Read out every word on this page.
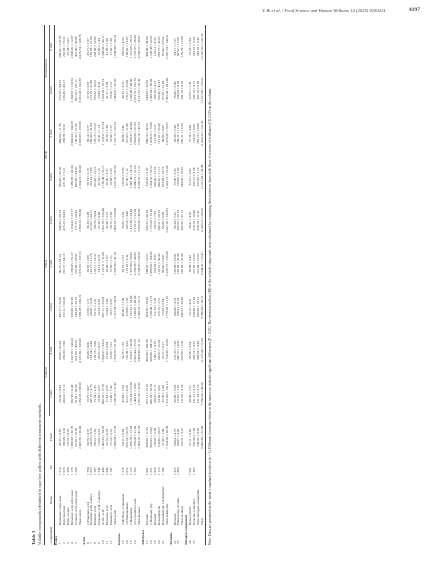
Y. Bi et al. / Food Science and Human Wellness 14 (2025) 9250414	4197
Table 3 Volatile compounds identified in rape bee pollen with different treatment methods.
				Control		UD-A			UD-B		Fermentation	
Compounds	Name	RI	Fresh	2 min	4 min	6 min	2 min	4 min	6 min	2 min	4 min	6 min
Esters												
1	Butanoate, ethyl ester	1 513	45.53 ± 0.65	20.03 ± 0.44	28.09 ± 47.04	402.77 ± 23.07	40.25 ± 85.74	544.03 ± 30.74	503.42 ± 82.07	394.64 ± 11.36	253.76 ± 94.35	268.63 ± 102.93
2	Butyrolactone	1 625	183.88 ± 3.32	280.02 ± 6.13	258.00 ± 7.94	372.11 ± 64.20	291.37 ± 64.15	415.23 ± 84.63	471.36 ± 7.21	298.99 ± 8.53	239.46 ± 46.27	292.99 ± 73.31
3	Ethyl acetate	1 580	70.10 ± 0.25									37.48 ± 2.03
4	Hexanoic acid, ethyl ester	1 179	1 096.98 ± 62.78	362.99 ± 0.49	3 102.79 ± 140.20	626.89 ± 95.95	1 266.05 ± 91.27	1 254.41 ± 23.77	1 385.66 ± 43.34	2 000.24 ± 104.28	2 204.67 ± 110.61	2 845.81 ± 12.07
5	Octanoic acid, ethyl ester	1 284	95.29 ± 23.76	79.59 ± 20.99	622.64 ± 46.20	144.29 ± 20.75	275.69 ± 20.07	177.75 ± 28.49	463.99 ± 44.07	136.33 ± 21.09	301.67 ± 107.11	422.40 ± 36.66
	Total esters		2 465.59 ± 96.00	1 363.05 ± 98.09	4 165.80 ± 503.05	1 568.28 ± 100.19	1 872.03 ± 137.23	2 398.16 ± 88.09	2 824.18 ± 60.00	3 266.09 ± 155.99	3 201.03 ± 103.87	4 025.74 ± 166.76
Acids												
6	2-Propenoic acid	1 780	30.70 ± 0.37	18.79 ± 0.67	26.08 ± 0.06	22.90 ± 1.72	26.85 ± 2.89	36.30 ± 2.68	59.74 ± 2.18	36.14 ± 0.77	37.33 ± 3.67	45.15 ± 1.87
7	Hexanoic acid, 2-ethyl-	1 823	129.65 ± 8.16	147.19 ± 3.76	165.24 ± 2.84	145.81 ± 8.30	141.72 ± 11.78	217.62 ± 24.11	163.24 ± 7.66	182.00 ± 31.84	173.76 ± 21.96	190.98 ± 21.94
8	Butanoic acid	1 587	80.53 ± 5.01	75.54 ± 2.35	105.73 ± 5.00	93.15 ± 2.81	133.11 ± 13.37	133.35 ± 0.04	165.45 ± 15.21	128.15 ± 13.29	135.02 ± 10.22	203.89 ± 16.02
9	Propanoic acid, 2-methyl-	1 546	15.60 ± 0.16	18.90 ± 0.27	20.65 ± 0.72	20.34 ± 0.81	24.19 ± 0.74	27.39 ± 0.88	35.53 ± 1.16	25.41 ± 1.13	23.80 ± 4.22	32.80 ± 1.44
10	Acetic acid	1 449	1 003.32 ± 34.65	906.28 ± 27.87	1 000.57 ± 84.22	997.11 ± 25.94	1 152.31 ± 51.08	1 202.79 ± 126.40	1 185.49 ± 55.17	1 128.57 ± 57.54	1 160.69 ± 37.19	1 308.06 ± 49.17
11	Hexanoic acid	1 846	25.10 ± 0.76	17.65 ± 0.58	27.03 ± 0.84	22.00 ± 2.05	26.40 ± 1.97	31.06 ± 2.27	29.96 ± 3.27	32.59 ± 1.80	31.21 ± 3.69	41.98 ± 1.68
12	Pentanoic acid	1 747	15.14 ± 2.21	12.46 ± 1.42	13.99 ± 1.01	16.27 ± 0.97	15.90 ± 1.21	20.72 ± 2.85	18.94 ± 2.95	18.89 ± 2.57	23.26 ± 2.12	21.02 ± 1.38
	Total acids		1 300.04 ± 17.29	1 196.80 ± 27.43	1 358.29 ± 91.68	1 317.58 ± 34.02	1 520.48 ± 41.18	1 669.23 ± 133.09	1 657.35 ± 41.90	1 551.75 ± 65.53	1 584.07 ± 67.93	1 843.88 ± 34.14
Ketones												
13	3-Hydroxy-2-butanone	1 275	54.17 ± 9.63	42.48 ± 1.90	32.35 ± 1.32	48.96 ± 11.09	38.73 ± 2.53	53.85 ± 5.26	129.58 ± 3.96	83.88 ± 3.45	49.55 ± 3.25	108.01 ± 4.55
14	2,3-Butanedione	1 017	293.14 ± 28.18	92.27 ± 4.26	110.09 ± 5.03	120.06 ± 1.26	119.29 ± 3.32	120.29 ± 4.46	87.56 ± 1.12	157.03 ± 11.06	178.17 ± 25.09	188.42 ± 19.87
15	2-Heptanone	1 172	1 070.79 ± 12.63	1 116.68 ± 27.88	1 256.01 ± 36.38	1 272.61 ± 53.93	1 327.84 ± 50.82	1 412.68 ± 24.49	1 347.40 ± 74.70	1 396.37 ± 43.40	1 290.06 ± 60.09	1 512.09 ± 38.12
16	3,5-Octadien-2-one	1 562	1 256.08 ± 21.42	1 405.81 ± 3.09	2 062.44 ± 25.35	2 148.47 ± 48.36	2 258.09 ± 49.05	2 270.17 ± 52.03	3 086.13 ± 51.63	2 064.88 ± 61.02	2 613.79 ± 102.52	2 781.05 ± 36.43
	Total ketones		2 684.18 ± 42.70	2 657.24 ± 23.82	3 469.89 ± 31.32	3 590.10 ± 61.51	3 743.95 ± 60.58	3 856.99 ± 40.05	4 650.67 ± 17.21	3 702.16 ± 43.13	4 131.57 ± 65.39	4 589.57 ± 38.87
Aldehydes												
17	Decanal	1 007	388.66 ± 17.55	477.21 ± 27.61	462.86 ± 105.38	364.50 ± 20.05	788.29 ± 10.27	826.25 ± 39.20	529.45 ± 5.47	580.16 ± 34.52	544.58 ± 52.05	484.09 ± 34.90
18	2-Heptenal, (Z)-	1 221	863.03 ± 13.32	836.58 ± 62.82	968.49 ± 104.53	1 100.46 ± 11.79	1 096.60 ± 194.02	1 175.05 ± 76.69	1 024.52 ± 53.57	1 450.25 ± 73.06	1 329.64 ± 85.69	1 232.49 ± 92.01
19	Hexanal	1 055	170.87 ± 2.68	108.81 ± 6.71	138.15 ± 4.78	112.70 ± 2.29	160.29 ± 6.95	153.57 ± 7.95	160.05 ± 12.52	127.05 ± 5.37	160.16 ± 4.27	118.13 ± 4.52
20	Benzaldehyde	1 113	110.86 ± 20.27	93.09 ± 6.69	136.62 ± 13.54	125.15 ± 3.51	123.51 ± 30.43	209.21 ± 29.79	206.41 ± 11.17	127.67 ± 26.39	199.45 ± 41.07	285.73 ± 33.62
21	Benzaldehyde, 2,4-dimethyl-	1 745	21.08 ± 1.84	32.36 ± 1.40	52.27 ± 6.17	75.64 ± 6.64	58.04 ± 10.07	63.08 ± 6.06	103.69 ± 10.73	40.86 ± 8.67	67.63 ± 12.63	97.04 ± 23.94
	Total aldehydes		1 554.50 ± 20.38	1 551.04 ± 101.13	1 758.39 ± 16.85	1 778.45 ± 11.81	2 226.73 ± 155.98	2 427.16 ± 143.95	2 023.12 ± 51.09	2 325.99 ± 79.37	2 301.46 ± 201.40	2 207.54 ± 140.21
Alcohols												
22	Hexanol	1 327	90.64 ± 4.75	96.06 ± 5.54	101.35 ± 7.58	109.86 ± 4.22	102.86 ± 10.87	99.34 ± 7.41	73.96 ± 3.35	93.96 ± 2.98	76.06 ± 5.90	84.17 ± 7.57
23	Phenylethyl alcohol	1 890	64.87 ± 4.45	115.62 ± 7.67	108.73 ± 10.85	136.65 ± 6.29	162.94 ± 20.39	203.65 ± 29.78	170.06 ± 7.32	188.25 ± 17.42	126.64 ± 8.03	86.62 ± 12.69
	Total alcohols		155.51 ± 3.27	211.68 ± 8.35	210.08 ± 17.01	246.52 ± 10.43	265.80 ± 31.09	302.99 ± 37.13	244.02 ± 10.67	282.21 ± 15.58	202.70 ± 8.57	170.79 ± 12.08
Nitrogen compounds												
24	Benzyl nitrile	1 931	52.11 ± 0.49	40.00 ± 1.52	58.89 ± 4.24	55.19 ± 4.91	38.80 ± 3.42	74.01 ± 4.85	52.97 ± 3.02	77.58 ± 4.84	62.07 ± 1.29	72.26 ± 1.84
25	Pyrazine, trimethyl-	1 392	193.88 ± 1.38	231.21 ± 3.55	249.75 ± 0.57	230.89 ± 11.58	277.05 ± 16.87	276.73 ± 10.48	269.12 ± 8.38	214.57 ± 8.05	245.13 ± 4.21	258.37 ± 3.54
	Total nitrogen compounds		246.02 ± 0.45	271.20 ± 3.15	308.64 ± 4.44	286.08 ± 10.15	315.84 ± 16.62	350.74 ± 11.01	322.09 ± 7.19	292.15 ± 10.80	307.20 ± 6.05	330.63 ± 3.49
	Total		8 405.88 ± 31.86	7 250.99 ± 49.66	11 271.08 ± 71.99	8 786.98 ± 56.57	9 944.81 ± 72.47	11 005.27 ± 69.58	11 721.43 ± 64.48	11 420.33 ± 122.47	11 727.99 ± 155.01	13 167.95 ± 125.56
Note: Data are presented as the mean ± standard deviation (n = 3). Different lowercase letters in the same row indicate significant differences (P < 0.05). The retention indices (RI) of the volatile compounds were calculated by comparing their retention times with those of a series of n-alkanes (C8–C20) on the column.
